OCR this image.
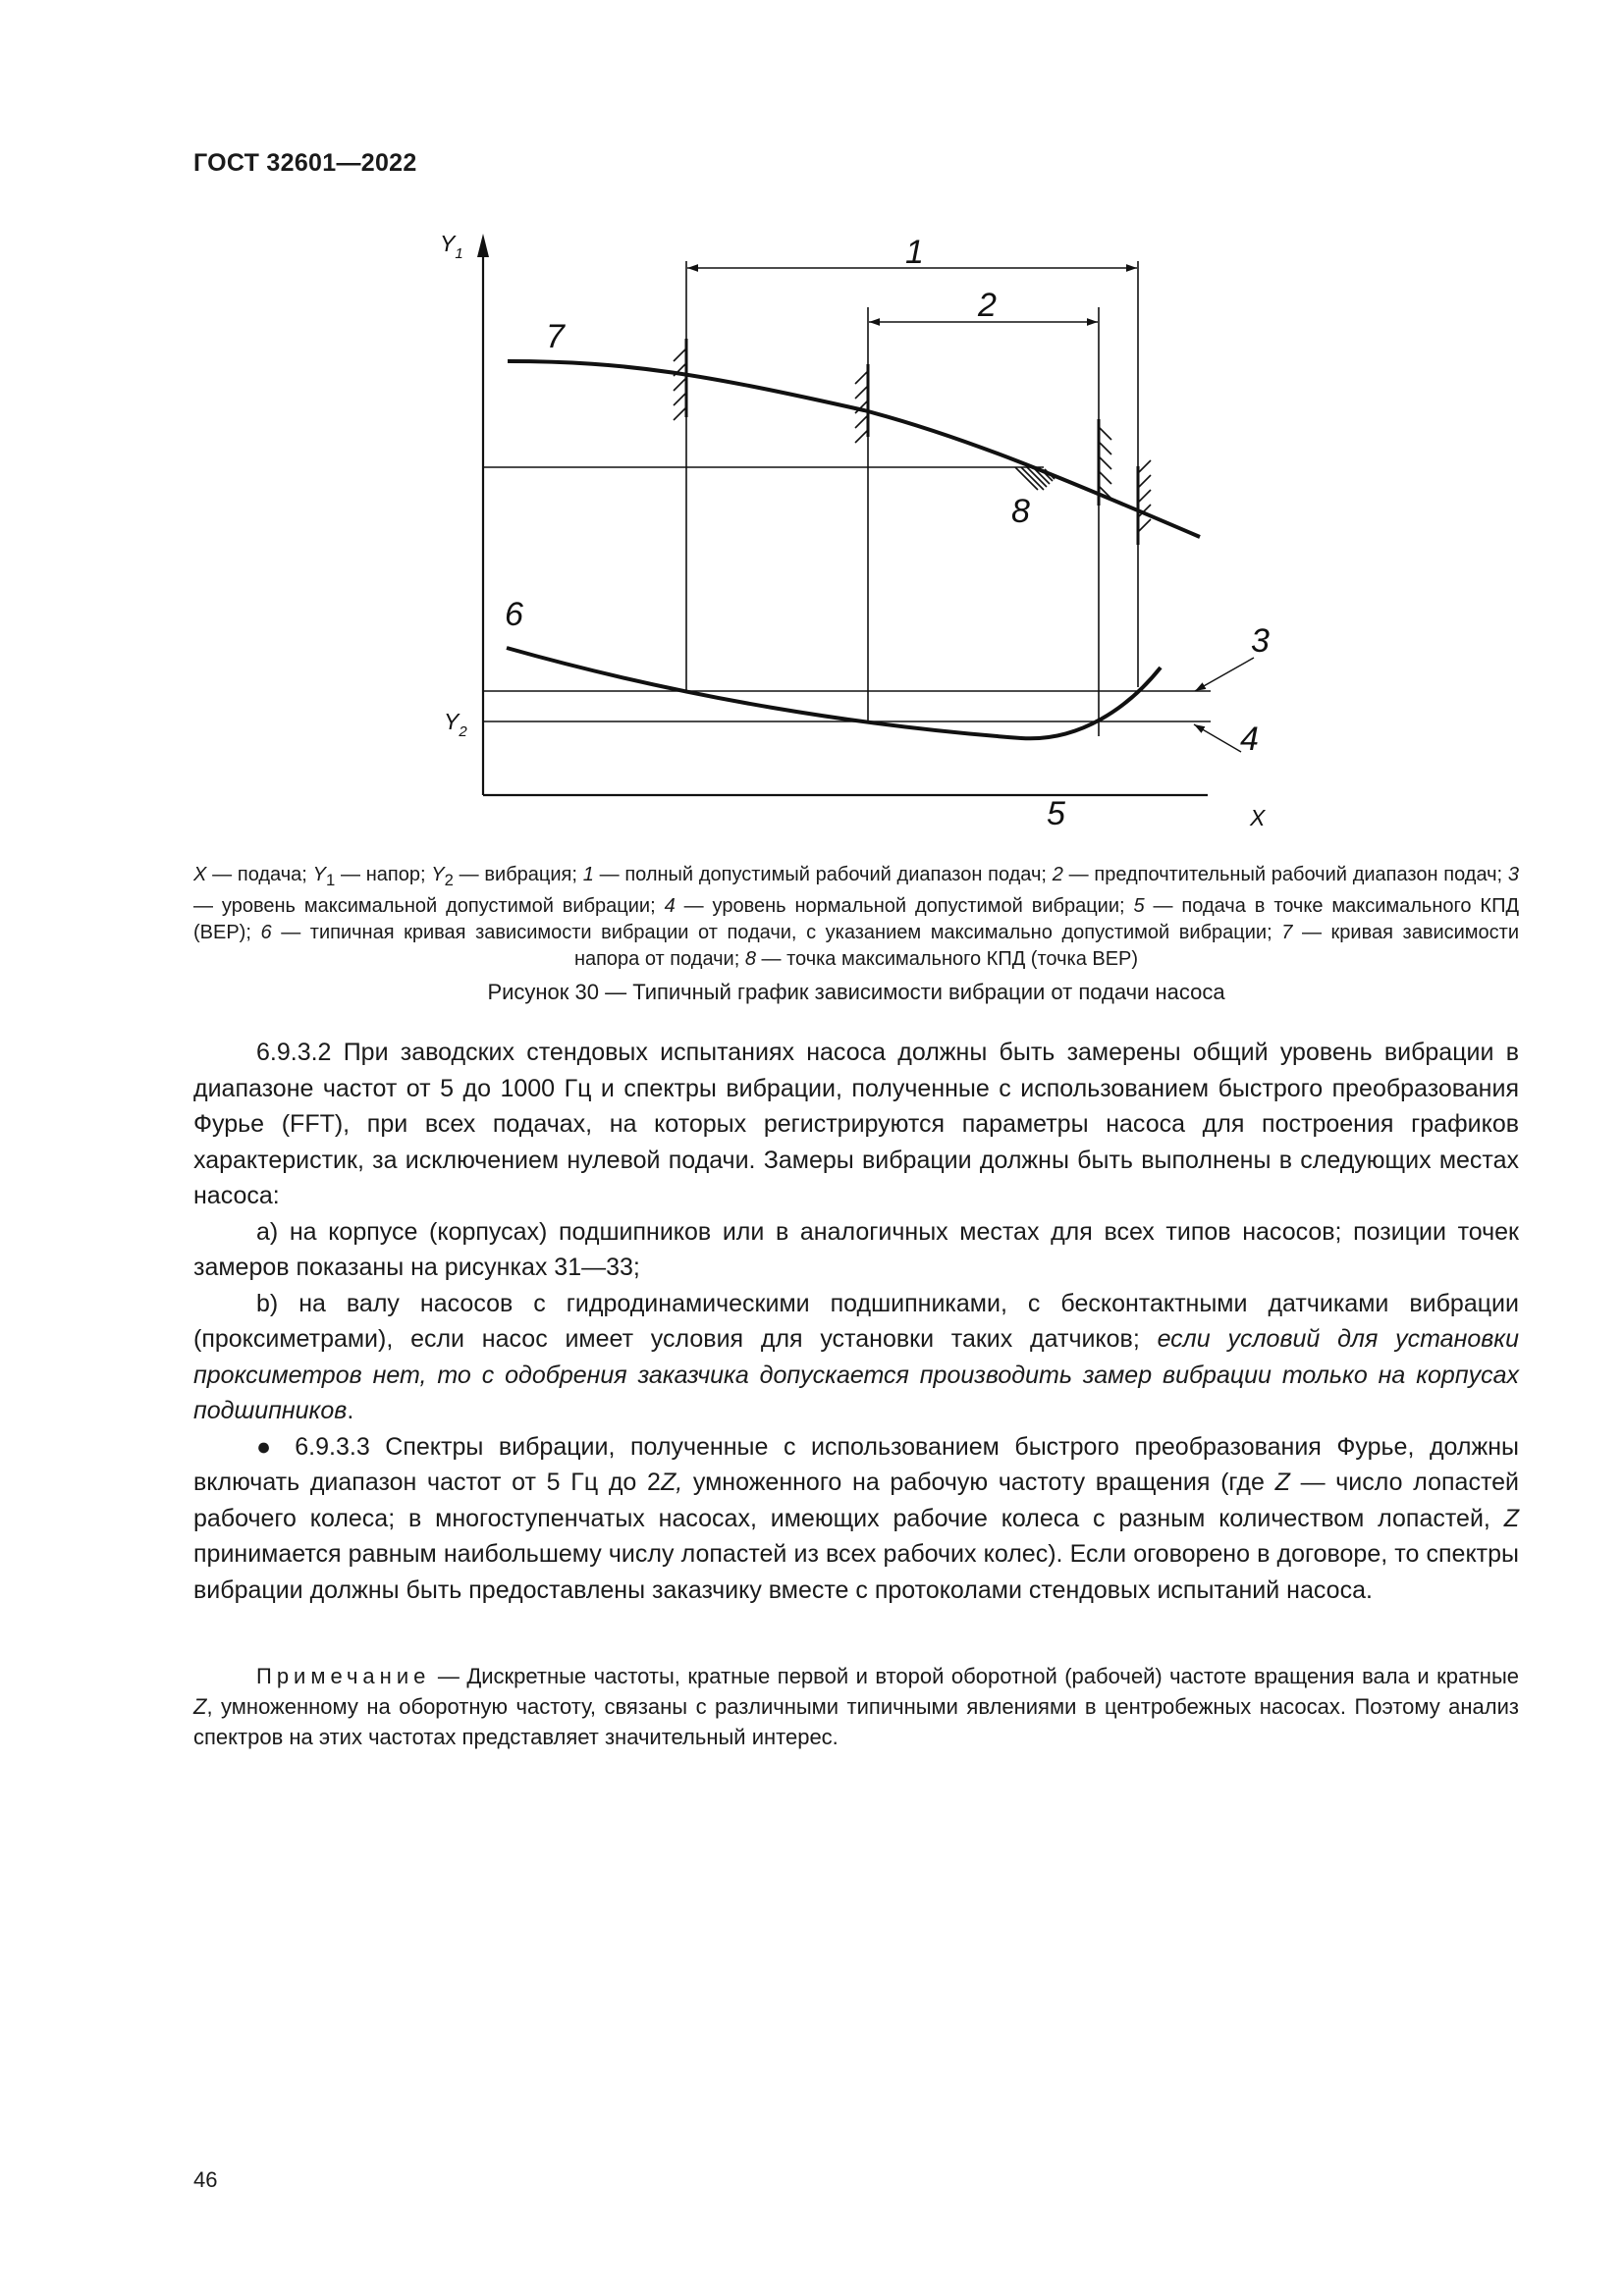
ГОСТ 32601—2022
$Y_1$
$Y_2$
X
1
2
3
4
5
6
7
8
X — подача; $Y_1$ — напор; $Y_2$ — вибрация; 1 — полный допустимый рабочий диапазон подач; 2 — предпочтительный рабочий диапазон подач; 3 — уровень максимальной допустимой вибрации; 4 — уровень нормальной допустимой вибрации; 5 — подача в точке максимального КПД (BEP); 6 — типичная кривая зависимости вибрации от подачи, с указанием максимально допустимой вибрации; 7 — кривая зависимости напора от подачи; 8 — точка максимального КПД (точка BEP)
Рисунок 30 — Типичный график зависимости вибрации от подачи насоса

6.9.3.2 При заводских стендовых испытаниях насоса должны быть замерены общий уровень вибрации в диапазоне частот от 5 до 1000 Гц и спектры вибрации, полученные с использованием быстрого преобразования Фурье (FFT), при всех подачах, на которых регистрируются параметры насоса для построения графиков характеристик, за исключением нулевой подачи. Замеры вибрации должны быть выполнены в следующих местах насоса:

a) на корпусе (корпусах) подшипников или в аналогичных местах для всех типов насосов; позиции точек замеров показаны на рисунках 31—33;

b) на валу насосов с гидродинамическими подшипниками, с бесконтактными датчиками вибрации (проксиметрами), если насос имеет условия для установки таких датчиков; если условий для установки проксиметров нет, то с одобрения заказчика допускается производить замер вибрации только на корпусах подшипников.

● 6.9.3.3 Спектры вибрации, полученные с использованием быстрого преобразования Фурье, должны включать диапазон частот от 5 Гц до 2Z, умноженного на рабочую частоту вращения (где Z — число лопастей рабочего колеса; в многоступенчатых насосах, имеющих рабочие колеса с разным количеством лопастей, Z принимается равным наибольшему числу лопастей из всех рабочих колес). Если оговорено в договоре, то спектры вибрации должны быть предоставлены заказчику вместе с протоколами стендовых испытаний насоса.

Примечание — Дискретные частоты, кратные первой и второй оборотной (рабочей) частоте вращения вала и кратные Z, умноженному на оборотную частоту, связаны с различными типичными явлениями в центробежных насосах. Поэтому анализ спектров на этих частотах представляет значительный интерес.

46
